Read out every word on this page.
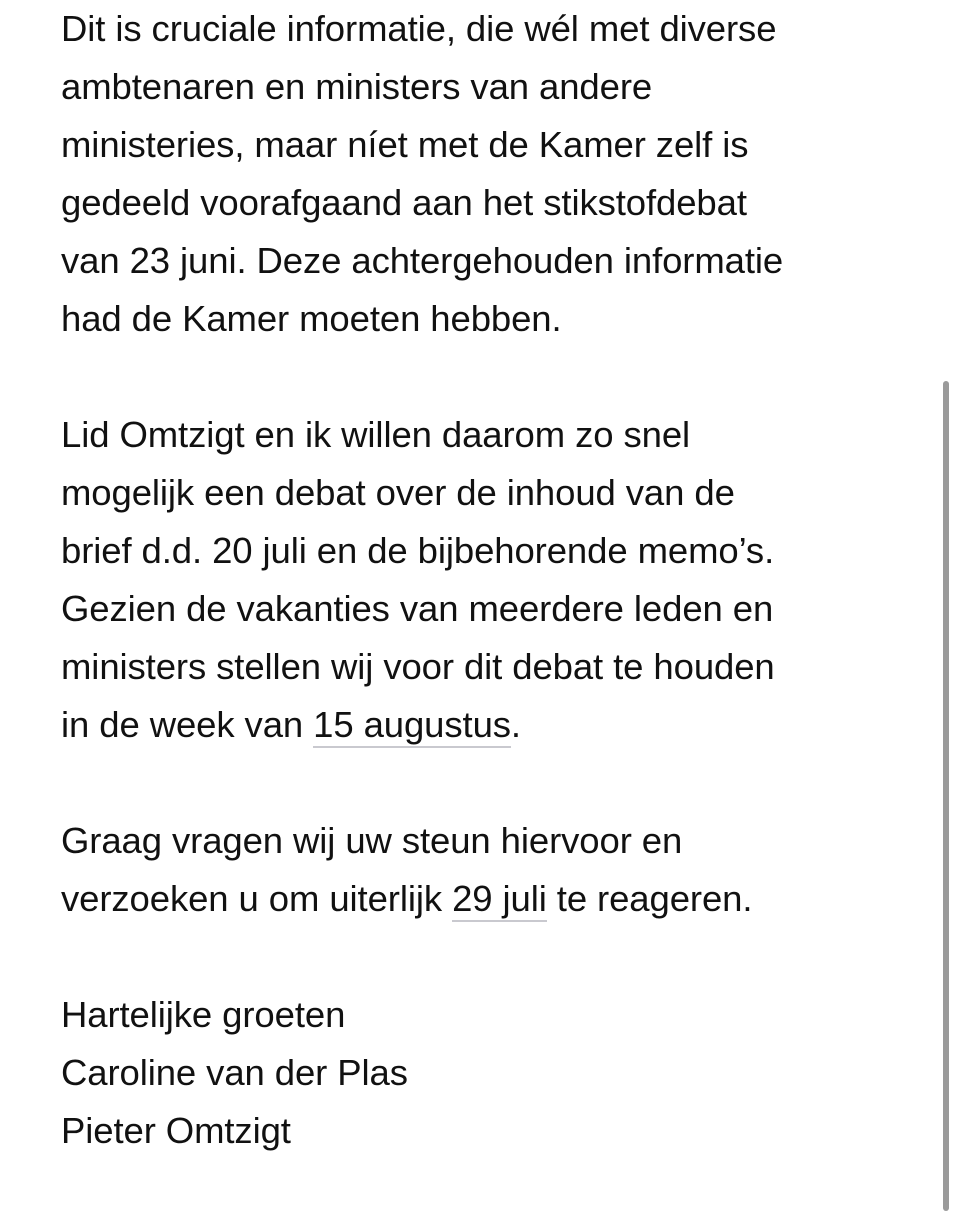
Dit is cruciale informatie, die wél met diverse
ambtenaren en ministers van andere
ministeries, maar níet met de Kamer zelf is
gedeeld voorafgaand aan het stikstofdebat
van 23 juni. Deze achtergehouden informatie
had de Kamer moeten hebben.
Lid Omtzigt en ik willen daarom zo snel
mogelijk een debat over de inhoud van de
brief d.d. 20 juli en de bijbehorende memo’s.
Gezien de vakanties van meerdere leden en
ministers stellen wij voor dit debat te houden
in de week van 15 augustus.
Graag vragen wij uw steun hiervoor en
verzoeken u om uiterlijk 29 juli te reageren.
Hartelijke groeten
Caroline van der Plas
Pieter Omtzigt
